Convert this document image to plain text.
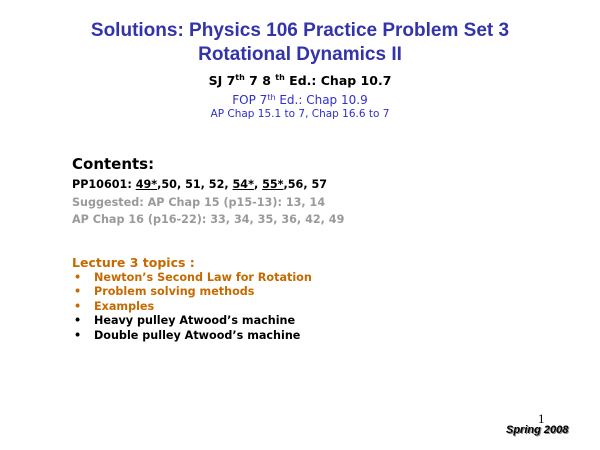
Solutions: Physics 106 Practice Problem Set 3
Rotational Dynamics II
SJ 7th 7 8 $^{th}$ Ed.: Chap 10.7
FOP 7th Ed.: Chap 10.9
AP Chap 15.1 to 7, Chap 16.6 to 7
Contents:
PP10601: 49*,50, 51, 52, 54*, 55*,56, 57
Suggested: AP Chap 15 (p15-13): 13, 14
AP Chap 16 (p16-22): 33, 34, 35, 36, 42, 49
Lecture 3 topics :
• Newton’s Second Law for Rotation
• Problem solving methods
• Examples
• Heavy pulley Atwood’s machine
• Double pulley Atwood’s machine
1
Spring 2008
